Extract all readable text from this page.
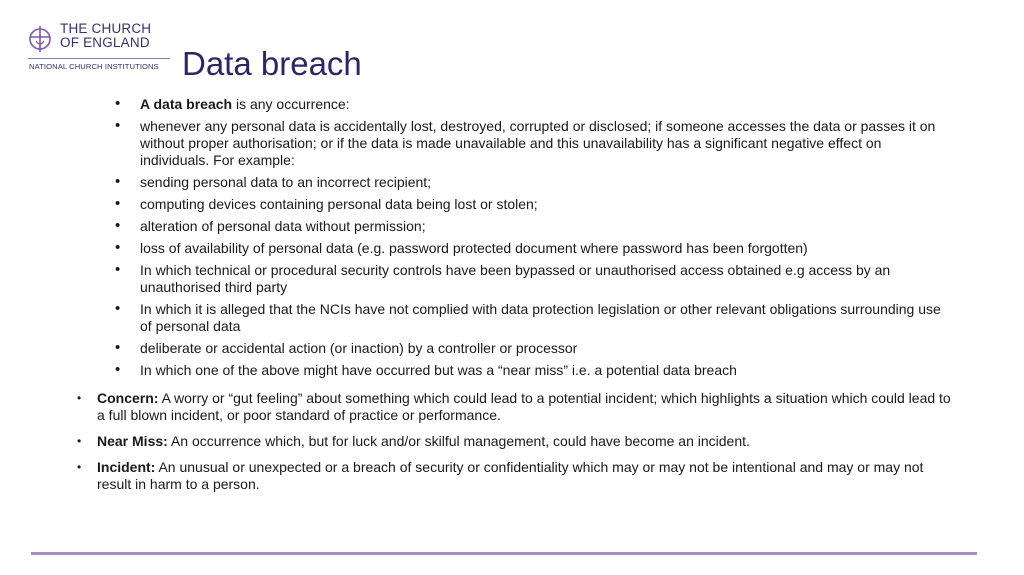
THE CHURCH
OF ENGLAND
NATIONAL CHURCH INSTITUTIONS Data breach
• A data breach is any occurrence:
• whenever any personal data is accidentally lost, destroyed, corrupted or disclosed; if someone accesses the data or passes it on without proper authorisation; or if the data is made unavailable and this unavailability has a significant negative effect on individuals. For example:
• sending personal data to an incorrect recipient;
• computing devices containing personal data being lost or stolen;
• alteration of personal data without permission;
• loss of availability of personal data (e.g. password protected document where password has been forgotten)
• In which technical or procedural security controls have been bypassed or unauthorised access obtained e.g access by an unauthorised third party
• In which it is alleged that the NCIs have not complied with data protection legislation or other relevant obligations surrounding use of personal data
• deliberate or accidental action (or inaction) by a controller or processor
• In which one of the above might have occurred but was a “near miss” i.e. a potential data breach
• Concern: A worry or “gut feeling” about something which could lead to a potential incident; which highlights a situation which could lead to a full blown incident, or poor standard of practice or performance.
• Near Miss: An occurrence which, but for luck and/or skilful management, could have become an incident.
• Incident: An unusual or unexpected or a breach of security or confidentiality which may or may not be intentional and may or may not result in harm to a person.
